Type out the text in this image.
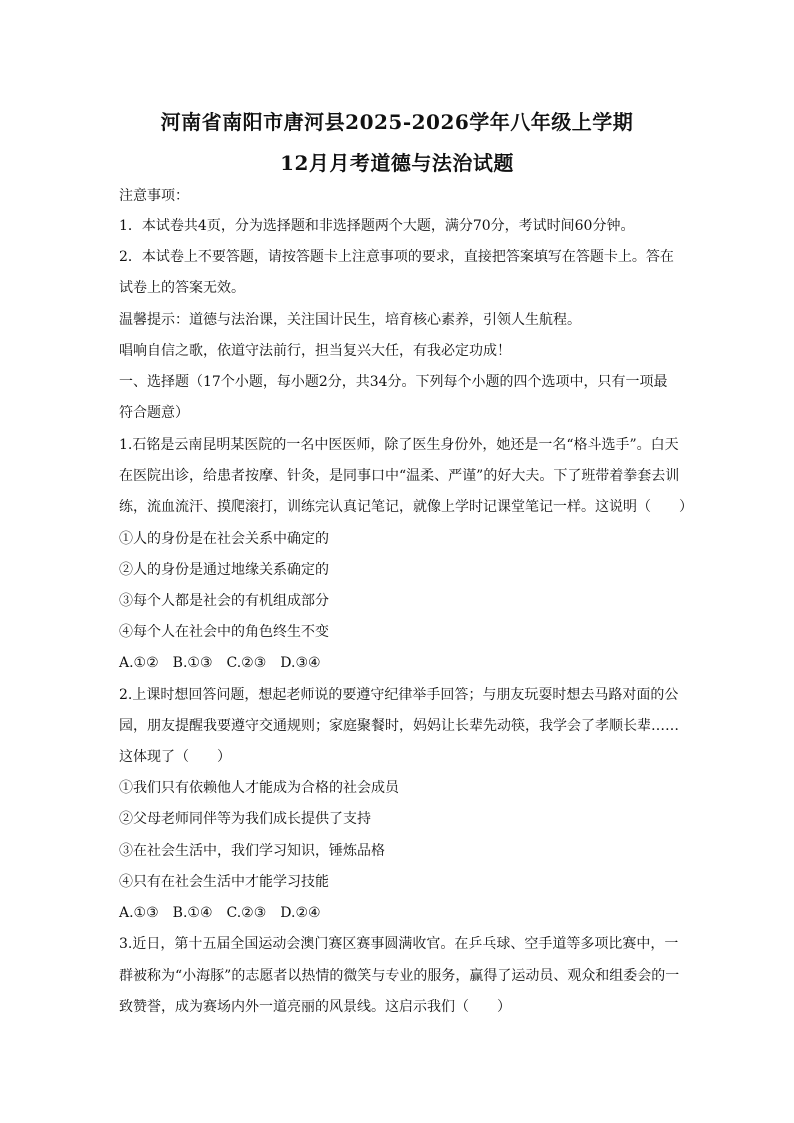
河南省南阳市唐河县2025-2026学年八年级上学期
12月月考道德与法治试题
注意事项：
1．本试卷共4页，分为选择题和非选择题两个大题，满分70分，考试时间60分钟。
2．本试卷上不要答题，请按答题卡上注意事项的要求，直接把答案填写在答题卡上。答在
试卷上的答案无效。
温馨提示：道德与法治课，关注国计民生，培育核心素养，引领人生航程。
唱响自信之歌，依道守法前行，担当复兴大任，有我必定功成！
一、选择题（17个小题，每小题2分，共34分。下列每个小题的四个选项中，只有一项最
符合题意）
1.石铭是云南昆明某医院的一名中医医师，除了医生身份外，她还是一名“格斗选手”。白天
在医院出诊，给患者按摩、针灸，是同事口中“温柔、严谨”的好大夫。下了班带着拳套去训
练，流血流汗、摸爬滚打，训练完认真记笔记，就像上学时记课堂笔记一样。这说明（　　）
①人的身份是在社会关系中确定的
②人的身份是通过地缘关系确定的
③每个人都是社会的有机组成部分
④每个人在社会中的角色终生不变
A.①②　B.①③　C.②③　D.③④
2.上课时想回答问题，想起老师说的要遵守纪律举手回答；与朋友玩耍时想去马路对面的公
园，朋友提醒我要遵守交通规则；家庭聚餐时，妈妈让长辈先动筷，我学会了孝顺长辈……
这体现了（　　）
①我们只有依赖他人才能成为合格的社会成员
②父母老师同伴等为我们成长提供了支持
③在社会生活中，我们学习知识，锤炼品格
④只有在社会生活中才能学习技能
A.①③　B.①④　C.②③　D.②④
3.近日，第十五届全国运动会澳门赛区赛事圆满收官。在乒乓球、空手道等多项比赛中，一
群被称为“小海豚”的志愿者以热情的微笑与专业的服务，赢得了运动员、观众和组委会的一
致赞誉，成为赛场内外一道亮丽的风景线。这启示我们（　　）
